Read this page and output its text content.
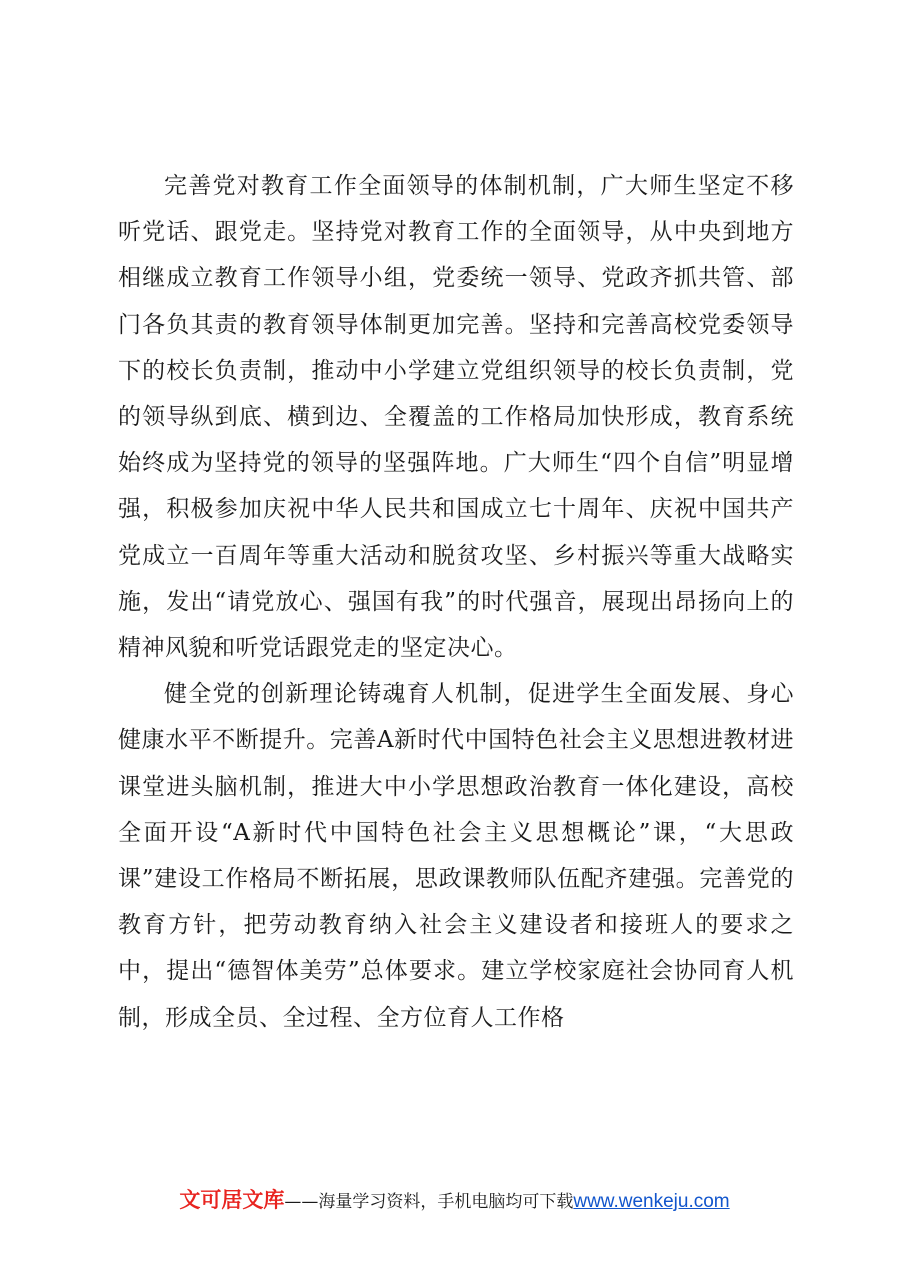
完善党对教育工作全面领导的体制机制，广大师生坚定不移听党话、跟党走。坚持党对教育工作的全面领导，从中央到地方相继成立教育工作领导小组，党委统一领导、党政齐抓共管、部门各负其责的教育领导体制更加完善。坚持和完善高校党委领导下的校长负责制，推动中小学建立党组织领导的校长负责制，党的领导纵到底、横到边、全覆盖的工作格局加快形成，教育系统始终成为坚持党的领导的坚强阵地。广大师生“四个自信”明显增强，积极参加庆祝中华人民共和国成立七十周年、庆祝中国共产党成立一百周年等重大活动和脱贫攻坚、乡村振兴等重大战略实施，发出“请党放心、强国有我”的时代强音，展现出昂扬向上的精神风貌和听党话跟党走的坚定决心。

健全党的创新理论铸魂育人机制，促进学生全面发展、身心健康水平不断提升。完善A新时代中国特色社会主义思想进教材进课堂进头脑机制，推进大中小学思想政治教育一体化建设，高校全面开设“A新时代中国特色社会主义思想概论”课，“大思政课”建设工作格局不断拓展，思政课教师队伍配齐建强。完善党的教育方针，把劳动教育纳入社会主义建设者和接班人的要求之中，提出“德智体美劳”总体要求。建立学校家庭社会协同育人机制，形成全员、全过程、全方位育人工作格

文可居文库——海量学习资料，手机电脑均可下载www.wenkeju.com
